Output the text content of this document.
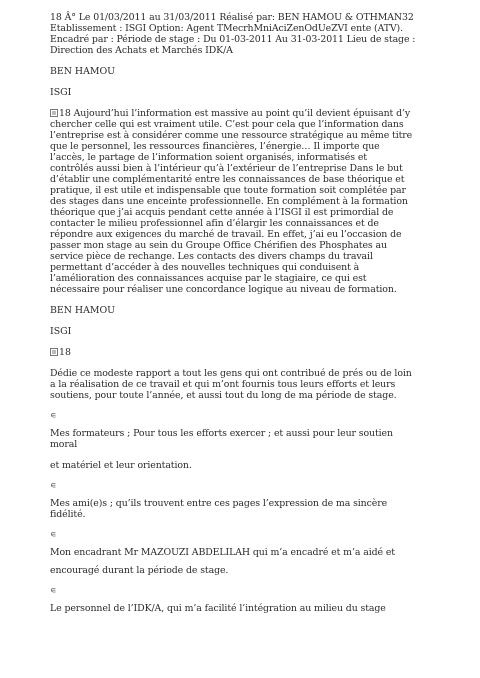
18 Â° Le 01/03/2011 au 31/03/2011 Réalisé par: BEN HAMOU & OTHMAN32

Etablissement : ISGI Option: Agent TMecrhMniAciZenOdUeZVI ente (ATV).

Encadré par : Période de stage : Du 01-03-2011 Au 31-03-2011 Lieu de stage :

Direction des Achats et Marchés IDK/A

BEN HAMOU

ISGI

18 Aujourd’hui l’information est massive au point qu’il devient épuisant d’y

chercher celle qui est vraiment utile. C’est pour cela que l’information dans

l’entreprise est à considérer comme une ressource stratégique au même titre

que le personnel, les ressources financières, l’énergie… Il importe que

l’accès, le partage de l’information soient organisés, informatisés et

contrôlés aussi bien à l’intérieur qu’à l’extérieur de l’entreprise Dans le but

d’établir une complémentarité entre les connaissances de base théorique et

pratique, il est utile et indispensable que toute formation soit complétée par

des stages dans une enceinte professionnelle. En complément à la formation

théorique que j’ai acquis pendant cette année à l’ISGI il est primordial de

contacter le milieu professionnel afin d’élargir les connaissances et de

répondre aux exigences du marché de travail. En effet, j’ai eu l’occasion de

passer mon stage au sein du Groupe Office Chérifien des Phosphates au

service pièce de rechange. Les contacts des divers champs du travail

permettant d’accéder à des nouvelles techniques qui conduisent à

l’amélioration des connaissances acquise par le stagiaire, ce qui est

nécessaire pour réaliser une concordance logique au niveau de formation.

BEN HAMOU

ISGI

18

Dédie ce modeste rapport a tout les gens qui ont contribué de prés ou de loin

a la réalisation de ce travail et qui m’ont fournis tous leurs efforts et leurs

soutiens, pour toute l’année, et aussi tout du long de ma période de stage.

∊

Mes formateurs ; Pour tous les efforts exercer ; et aussi pour leur soutien

moral

et matériel et leur orientation.

∊

Mes ami(e)s ; qu’ils trouvent entre ces pages l’expression de ma sincère

fidélité.

∊

Mon encadrant Mr MAZOUZI ABDELILAH qui m’a encadré et m’a aidé et

encouragé durant la période de stage.

∊

Le personnel de l’IDK/A, qui m’a facilité l’intégration au milieu du stage
